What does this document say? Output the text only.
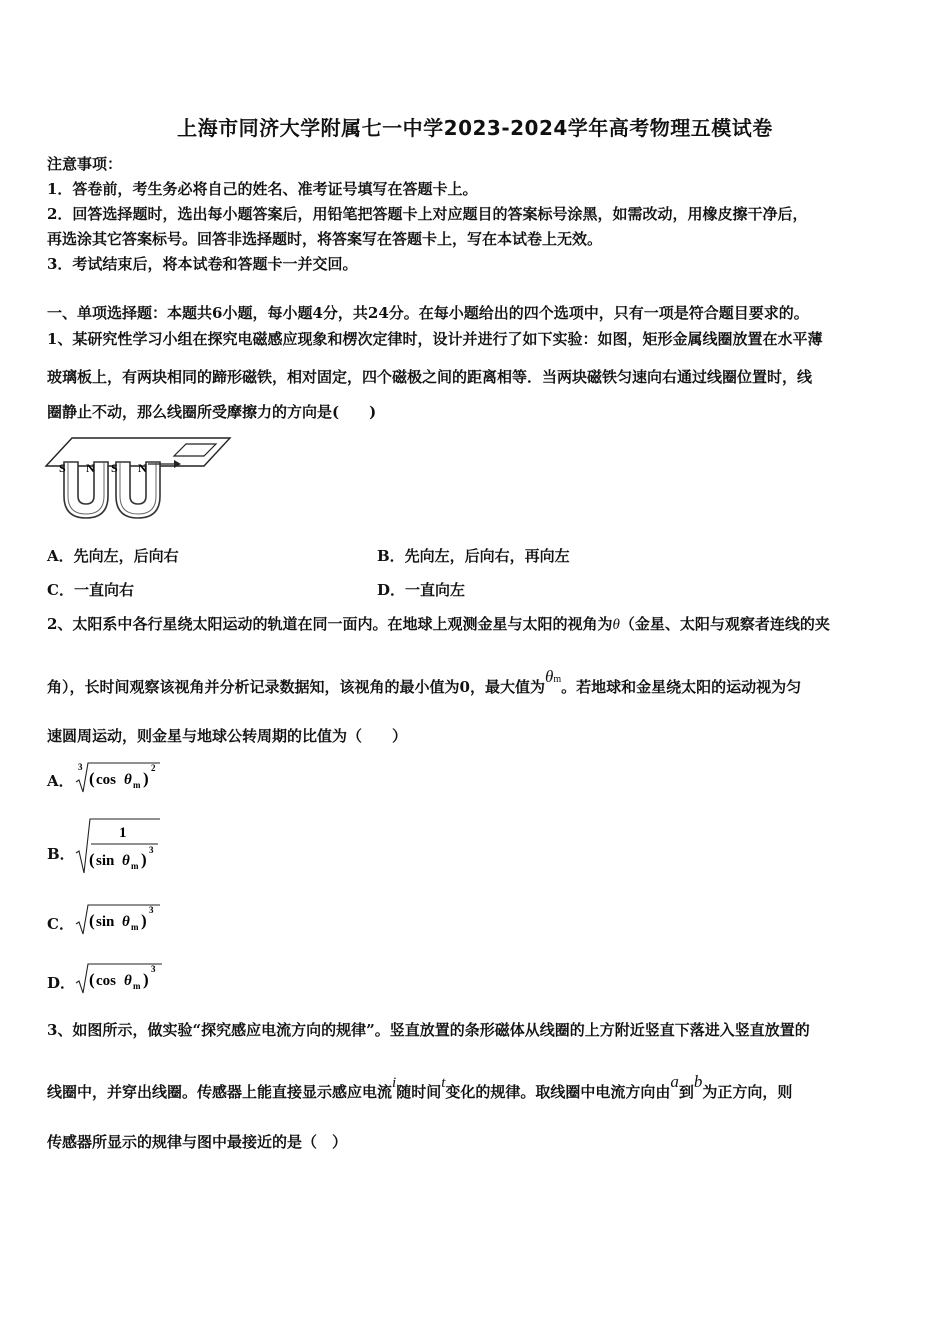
上海市同济大学附属七一中学2023-2024学年高考物理五模试卷
注意事项：
1．答卷前，考生务必将自己的姓名、准考证号填写在答题卡上。
2．回答选择题时，选出每小题答案后，用铅笔把答题卡上对应题目的答案标号涂黑，如需改动，用橡皮擦干净后，
再选涂其它答案标号。回答非选择题时，将答案写在答题卡上，写在本试卷上无效。
3．考试结束后，将本试卷和答题卡一并交回。
一、单项选择题：本题共6小题，每小题4分，共24分。在每小题给出的四个选项中，只有一项是符合题目要求的。
1、某研究性学习小组在探究电磁感应现象和楞次定律时，设计并进行了如下实验：如图，矩形金属线圈放置在水平薄
玻璃板上，有两块相同的蹄形磁铁，相对固定，四个磁极之间的距离相等．当两块磁铁匀速向右通过线圈位置时，线
圈静止不动，那么线圈所受摩擦力的方向是(　　)
S N S N
A．先向左，后向右	B．先向左，后向右，再向左
C．一直向右	D．一直向左
2、太阳系中各行星绕太阳运动的轨道在同一面内。在地球上观测金星与太阳的视角为θ（金星、太阳与观察者连线的夹
角），长时间观察该视角并分析记录数据知，该视角的最小值为0，最大值为θm。若地球和金星绕太阳的运动视为匀
速圆周运动，则金星与地球公转周期的比值为（　　）
A．
3
( cos θ m )
2
B．
1
( sin θ m ) 3
C． ( sin θ m )
3
D． ( cos θ m )
3
3、如图所示，做实验“探究感应电流方向的规律”。竖直放置的条形磁体从线圈的上方附近竖直下落进入竖直放置的
线圈中，并穿出线圈。传感器上能直接显示感应电流i随时间t变化的规律。取线圈中电流方向由a到b为正方向，则
传感器所显示的规律与图中最接近的是（　）
